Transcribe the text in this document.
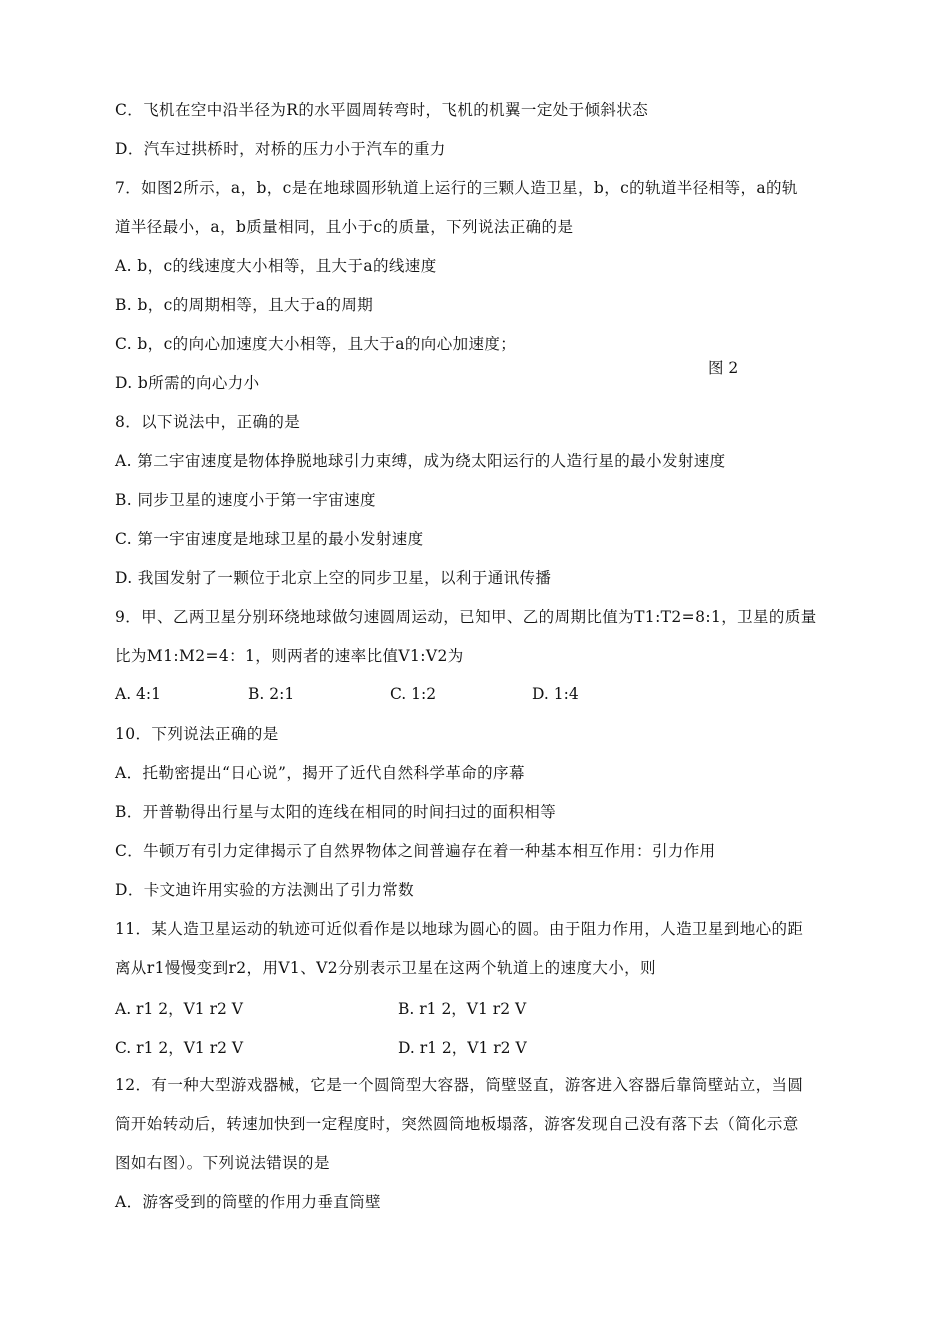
C．飞机在空中沿半径为R的水平圆周转弯时，飞机的机翼一定处于倾斜状态
D．汽车过拱桥时，对桥的压力小于汽车的重力
7．如图2所示，a，b，c是在地球圆形轨道上运行的三颗人造卫星，b，c的轨道半径相等，a的轨
道半径最小，a，b质量相同，且小于c的质量，下列说法正确的是
A. b，c的线速度大小相等，且大于a的线速度
B. b，c的周期相等，且大于a的周期
C. b，c的向心加速度大小相等，且大于a的向心加速度；
图 2
D. b所需的向心力小
8．以下说法中，正确的是
A. 第二宇宙速度是物体挣脱地球引力束缚，成为绕太阳运行的人造行星的最小发射速度
B. 同步卫星的速度小于第一宇宙速度
C. 第一宇宙速度是地球卫星的最小发射速度
D. 我国发射了一颗位于北京上空的同步卫星，以利于通讯传播
9．甲、乙两卫星分别环绕地球做匀速圆周运动，已知甲、乙的周期比值为T1:T2=8:1，卫星的质量
比为M1:M2=4：1，则两者的速率比值V1:V2为
A. 4:1	B. 2:1	C. 1:2	D. 1:4
10．下列说法正确的是
A．托勒密提出“日心说”，揭开了近代自然科学革命的序幕
B．开普勒得出行星与太阳的连线在相同的时间扫过的面积相等
C．牛顿万有引力定律揭示了自然界物体之间普遍存在着一种基本相互作用：引力作用
D．卡文迪许用实验的方法测出了引力常数
11．某人造卫星运动的轨迹可近似看作是以地球为圆心的圆。由于阻力作用，人造卫星到地心的距
离从r1慢慢变到r2，用V1、V2分别表示卫星在这两个轨道上的速度大小，则
A. r1 2，V1 r2 V	B. r1 2，V1 r2 V
C. r1 2，V1 r2 V	D. r1 2，V1 r2 V
12．有一种大型游戏器械，它是一个圆筒型大容器，筒壁竖直，游客进入容器后靠筒壁站立，当圆
筒开始转动后，转速加快到一定程度时，突然圆筒地板塌落，游客发现自己没有落下去（简化示意
图如右图）。下列说法错误的是
A．游客受到的筒壁的作用力垂直筒壁
